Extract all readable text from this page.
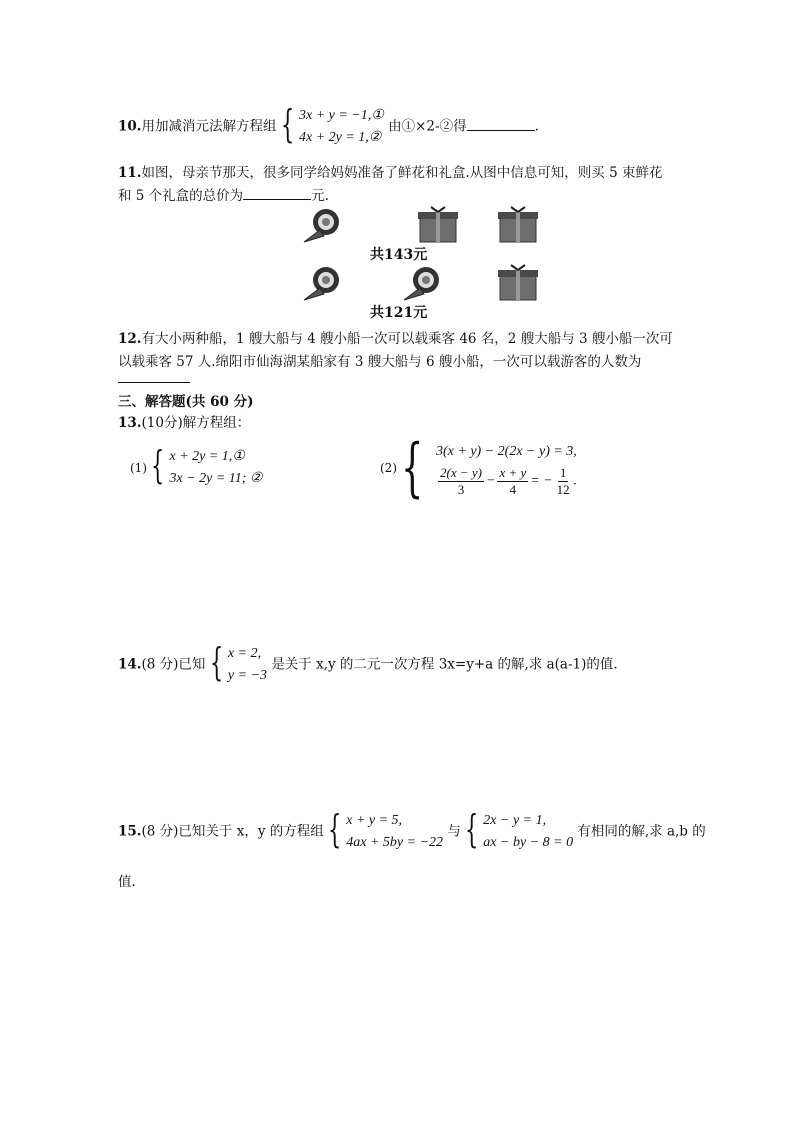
10.用加减消元法解方程组 { 3x + y = −1,①
4x + 2y = 1,②
由①×2-②得	.
11.如图，母亲节那天，很多同学给妈妈准备了鲜花和礼盒.从图中信息可知，则买 5 束鲜花
和 5 个礼盒的总价为	元.
共143元
共121元
12.有大小两种船，1 艘大船与 4 艘小船一次可以载乘客 46 名，2 艘大船与 3 艘小船一次可
以载乘客 57 人.绵阳市仙海湖某船家有 3 艘大船与 6 艘小船，一次可以载游客的人数为
三、解答题(共 60 分)
13.(10分)解方程组：
(1) { x + 2y = 1,①
3x − 2y = 11; ②
(2) { 3(x + y) − 2(2x − y) = 3,
$\frac{2(x - y)}{3} - \frac{x + y}{4}$ = − $\frac{1}{12}$ .
14.(8 分)已知 { x = 2,
y = −3
是关于 x,y 的二元一次方程 3x=y+a 的解,求 a(a-1)的值.
15.(8 分)已知关于 x，y 的方程组 { x + y = 5,
4ax + 5by = −22
与 { 2x − y = 1,
ax − by − 8 = 0
有相同的解,求 a,b 的
值.
